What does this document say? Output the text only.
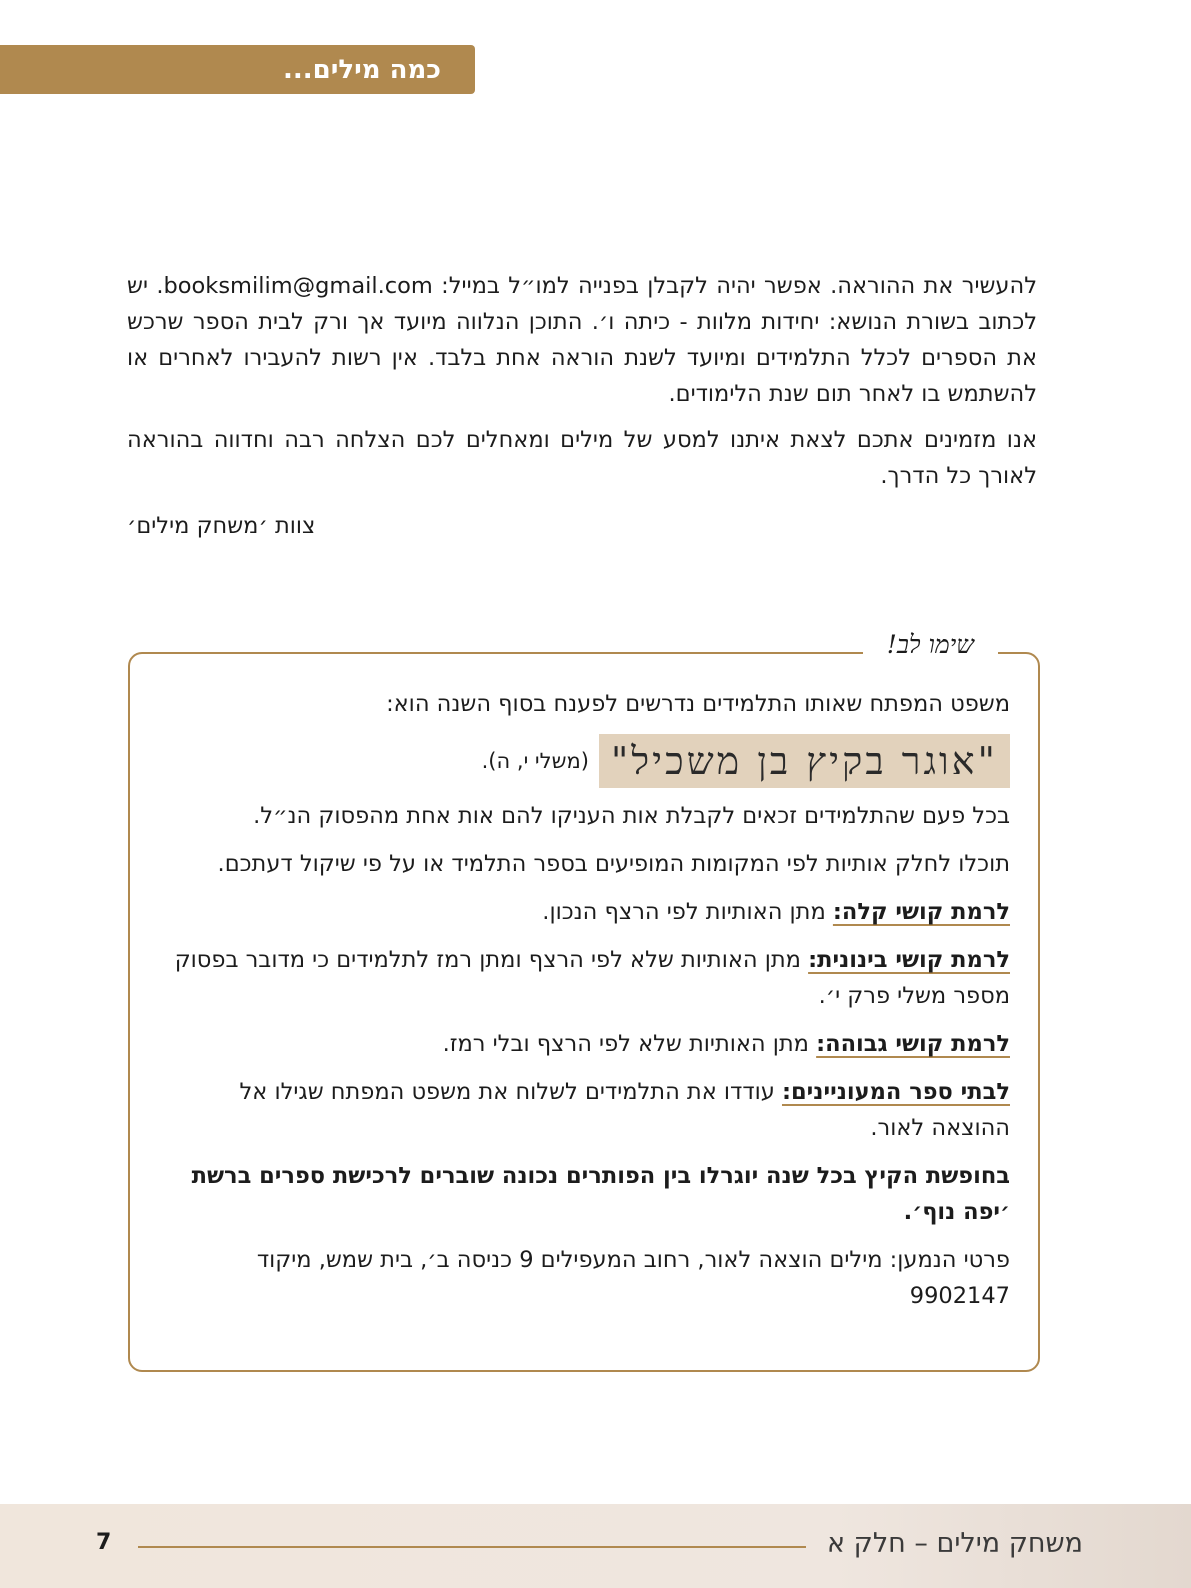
כמה מילים...

להעשיר את ההוראה. אפשר יהיה לקבלן בפנייה למו״ל במייל: booksmilim@gmail.com. יש לכתוב בשורת הנושא: יחידות מלוות - כיתה ו׳. התוכן הנלווה מיועד אך ורק לבית הספר שרכש את הספרים לכלל התלמידים ומיועד לשנת הוראה אחת בלבד. אין רשות להעבירו לאחרים או להשתמש בו לאחר תום שנת הלימודים.

אנו מזמינים אתכם לצאת איתנו למסע של מילים ומאחלים לכם הצלחה רבה וחדווה בהוראה לאורך כל הדרך.

צוות ׳משחק מילים׳

שימו לב!

משפט המפתח שאותו התלמידים נדרשים לפענח בסוף השנה הוא:

"אוגר בקיץ בן משכיל"
(משלי י, ה).

בכל פעם שהתלמידים זכאים לקבלת אות העניקו להם אות אחת מהפסוק הנ״ל.

תוכלו לחלק אותיות לפי המקומות המופיעים בספר התלמיד או על פי שיקול דעתכם.

לרמת קושי קלה: מתן האותיות לפי הרצף הנכון.

לרמת קושי בינונית: מתן האותיות שלא לפי הרצף ומתן רמז לתלמידים כי מדובר בפסוק מספר משלי פרק י׳.

לרמת קושי גבוהה: מתן האותיות שלא לפי הרצף ובלי רמז.

לבתי ספר המעוניינים: עודדו את התלמידים לשלוח את משפט המפתח שגילו אל ההוצאה לאור.

בחופשת הקיץ בכל שנה יוגרלו בין הפותרים נכונה שוברים לרכישת ספרים ברשת ׳יפה נוף׳.

פרטי הנמען: מילים הוצאה לאור, רחוב המעפילים 9 כניסה ב׳, בית שמש, מיקוד 9902147

משחק מילים – חלק א
7
